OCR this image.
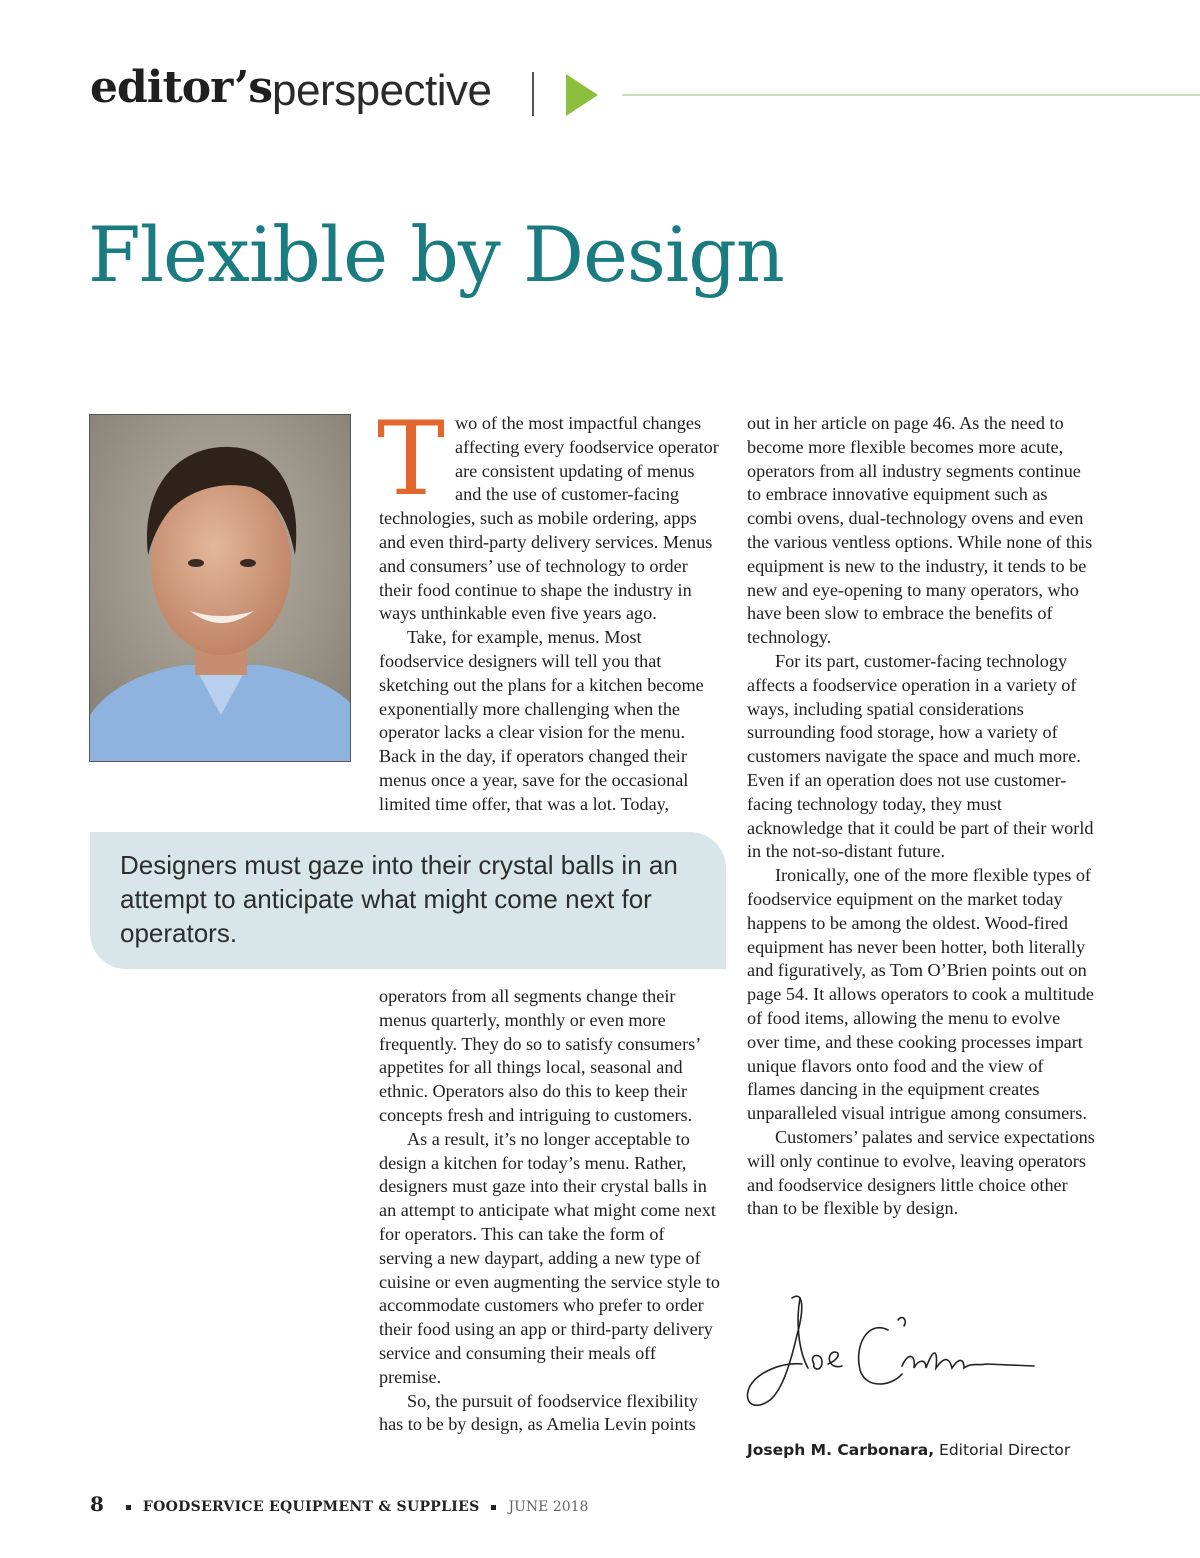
editor’s perspective
Flexible by Design

Two of the most impactful changes affecting every foodservice operator are consistent updating of menus and the use of customer-facing technologies, such as mobile ordering, apps and even third-party delivery services. Menus and consumers’ use of technology to order their food continue to shape the industry in ways unthinkable even five years ago.

Take, for example, menus. Most foodservice designers will tell you that sketching out the plans for a kitchen become exponentially more challenging when the operator lacks a clear vision for the menu. Back in the day, if operators changed their menus once a year, save for the occasional limited time offer, that was a lot. Today,

Designers must gaze into their crystal balls in an attempt to anticipate what might come next for operators.

operators from all segments change their menus quarterly, monthly or even more frequently. They do so to satisfy consumers’ appetites for all things local, seasonal and ethnic. Operators also do this to keep their concepts fresh and intriguing to customers.

As a result, it’s no longer acceptable to design a kitchen for today’s menu. Rather, designers must gaze into their crystal balls in an attempt to anticipate what might come next for operators. This can take the form of serving a new daypart, adding a new type of cuisine or even augmenting the service style to accommodate customers who prefer to order their food using an app or third-party delivery service and consuming their meals off premise.

So, the pursuit of foodservice flexibility has to be by design, as Amelia Levin points

out in her article on page 46. As the need to become more flexible becomes more acute, operators from all industry segments continue to embrace innovative equipment such as combi ovens, dual-technology ovens and even the various ventless options. While none of this equipment is new to the industry, it tends to be new and eye-opening to many operators, who have been slow to embrace the benefits of technology.

For its part, customer-facing technology affects a foodservice operation in a variety of ways, including spatial considerations surrounding food storage, how a variety of customers navigate the space and much more. Even if an operation does not use customer-facing technology today, they must acknowledge that it could be part of their world in the not-so-distant future.

Ironically, one of the more flexible types of foodservice equipment on the market today happens to be among the oldest. Wood-fired equipment has never been hotter, both literally and figuratively, as Tom O’Brien points out on page 54. It allows operators to cook a multitude of food items, allowing the menu to evolve over time, and these cooking processes impart unique flavors onto food and the view of flames dancing in the equipment creates unparalleled visual intrigue among consumers.

Customers’ palates and service expectations will only continue to evolve, leaving operators and foodservice designers little choice other than to be flexible by design.

Joseph M. Carbonara, Editorial Director
8	FOODSERVICE EQUIPMENT & SUPPLIES JUNE 2018
